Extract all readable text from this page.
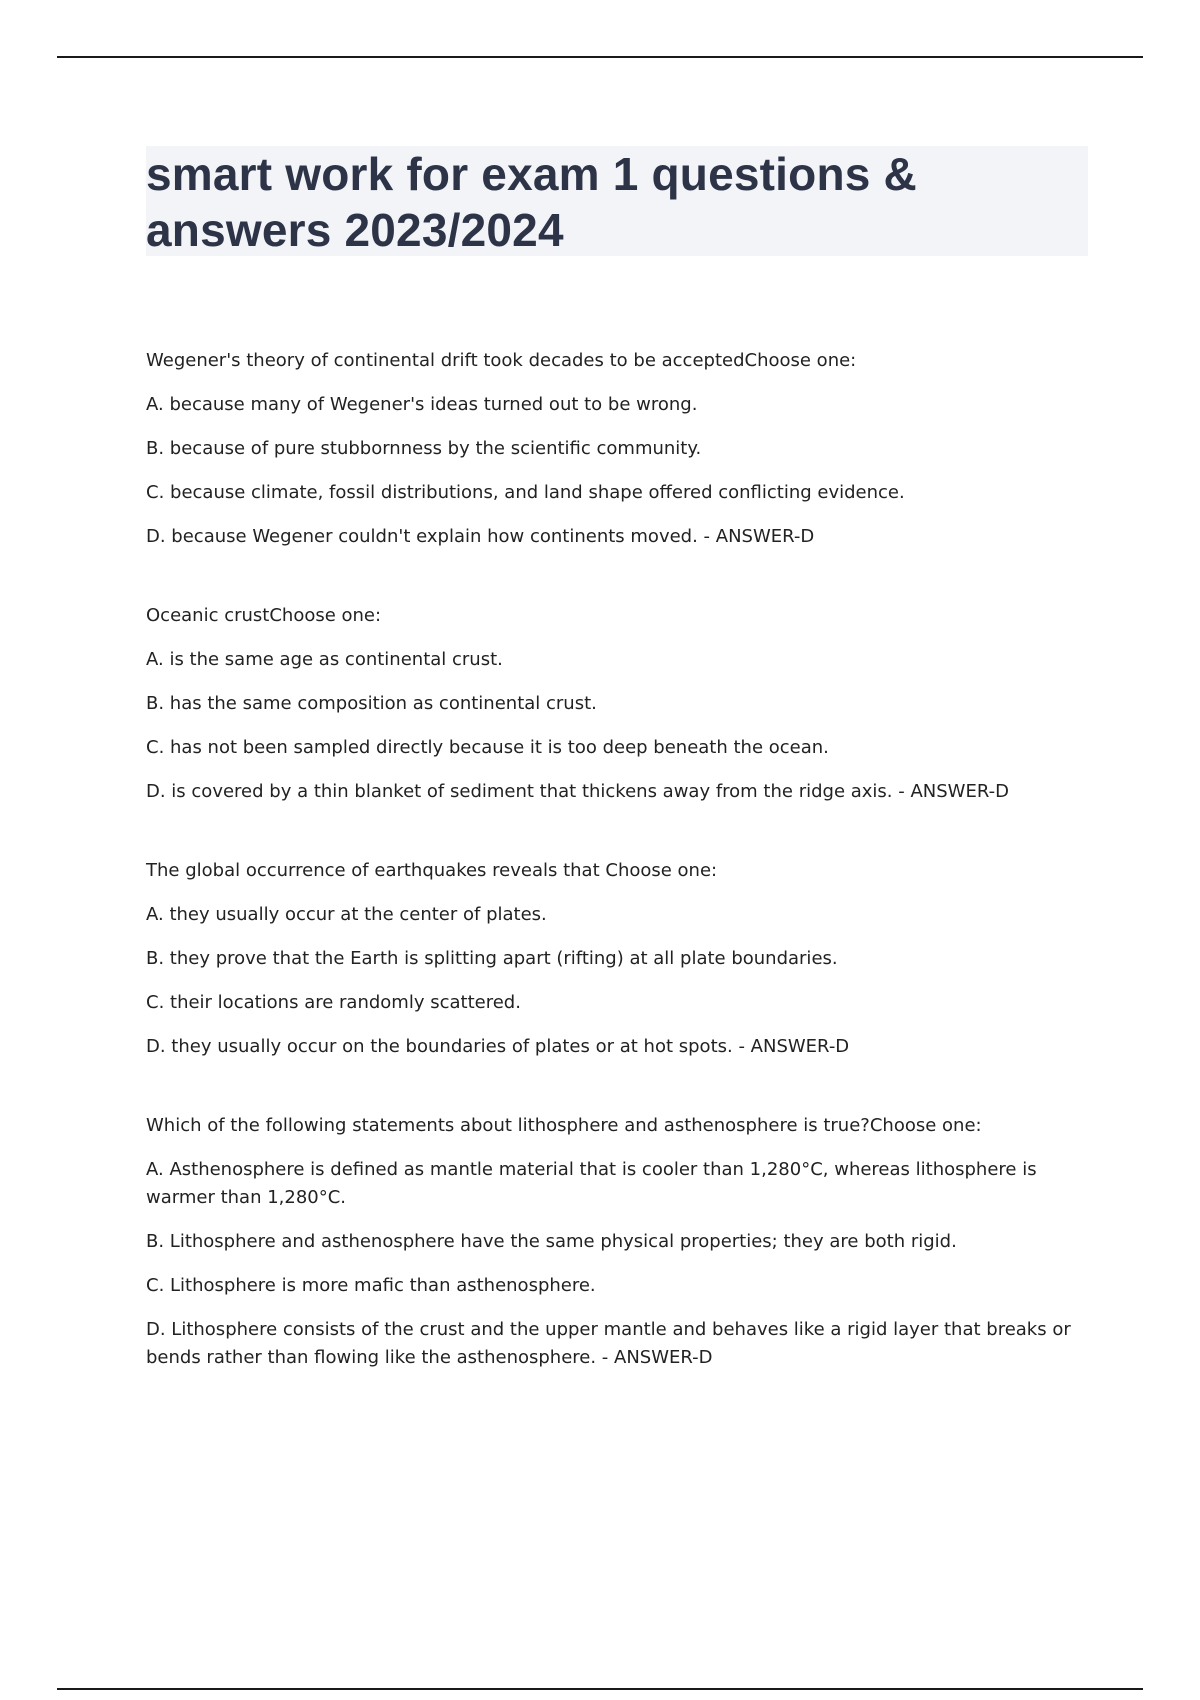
smart work for exam 1 questions & answers 2023/2024

Wegener's theory of continental drift took decades to be acceptedChoose one:

A. because many of Wegener's ideas turned out to be wrong.

B. because of pure stubbornness by the scientific community.

C. because climate, fossil distributions, and land shape offered conflicting evidence.

D. because Wegener couldn't explain how continents moved. - ANSWER-D

Oceanic crustChoose one:

A. is the same age as continental crust.

B. has the same composition as continental crust.

C. has not been sampled directly because it is too deep beneath the ocean.

D. is covered by a thin blanket of sediment that thickens away from the ridge axis. - ANSWER-D

The global occurrence of earthquakes reveals that Choose one:

A. they usually occur at the center of plates.

B. they prove that the Earth is splitting apart (rifting) at all plate boundaries.

C. their locations are randomly scattered.

D. they usually occur on the boundaries of plates or at hot spots. - ANSWER-D

Which of the following statements about lithosphere and asthenosphere is true?Choose one:

A. Asthenosphere is defined as mantle material that is cooler than 1,280°C, whereas lithosphere is warmer than 1,280°C.

B. Lithosphere and asthenosphere have the same physical properties; they are both rigid.

C. Lithosphere is more mafic than asthenosphere.

D. Lithosphere consists of the crust and the upper mantle and behaves like a rigid layer that breaks or bends rather than flowing like the asthenosphere. - ANSWER-D
